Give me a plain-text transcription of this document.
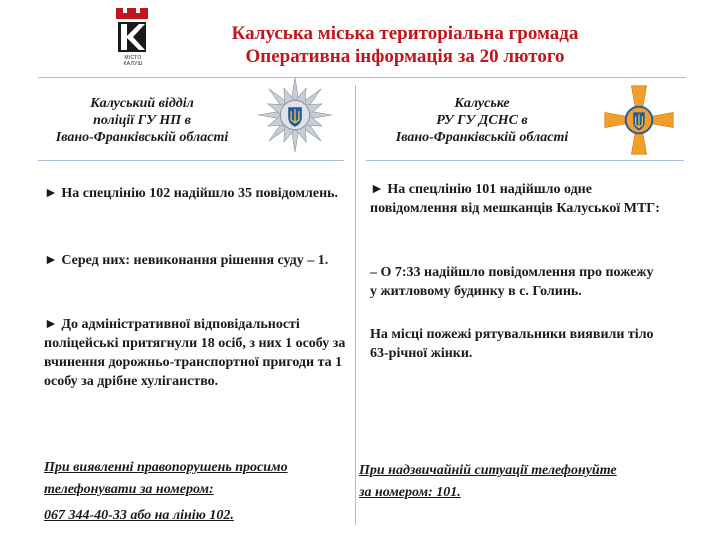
МІСТО КАЛУШ
Калуська міська територіальна громада
Оперативна інформація за 20 лютого
Калуський відділ
поліції ГУ НП в
Івано-Франківській області

► На спецлінію 102 надійшло 35 повідомлень.

► Серед них: невиконання рішення суду – 1.

► До адміністративної відповідальності поліцейські притягнули 18 осіб, з них 1 особу за вчинення дорожньо-транспортної пригоди та 1 особу за дрібне хуліганство.

При виявленні правопорушень просимо
телефонувати за номером:
067 344-40-33 або на лінію 102.
Калуське
РУ ГУ ДСНС в
Івано-Франківській області

► На спецлінію 101 надійшло одне повідомлення від мешканців Калуської МТГ:

– О 7:33 надійшло повідомлення про пожежу у житловому будинку в с. Голинь.

На місці пожежі рятувальники виявили тіло 63-річної жінки.

При надзвичайній ситуації телефонуйте
за номером: 101.
